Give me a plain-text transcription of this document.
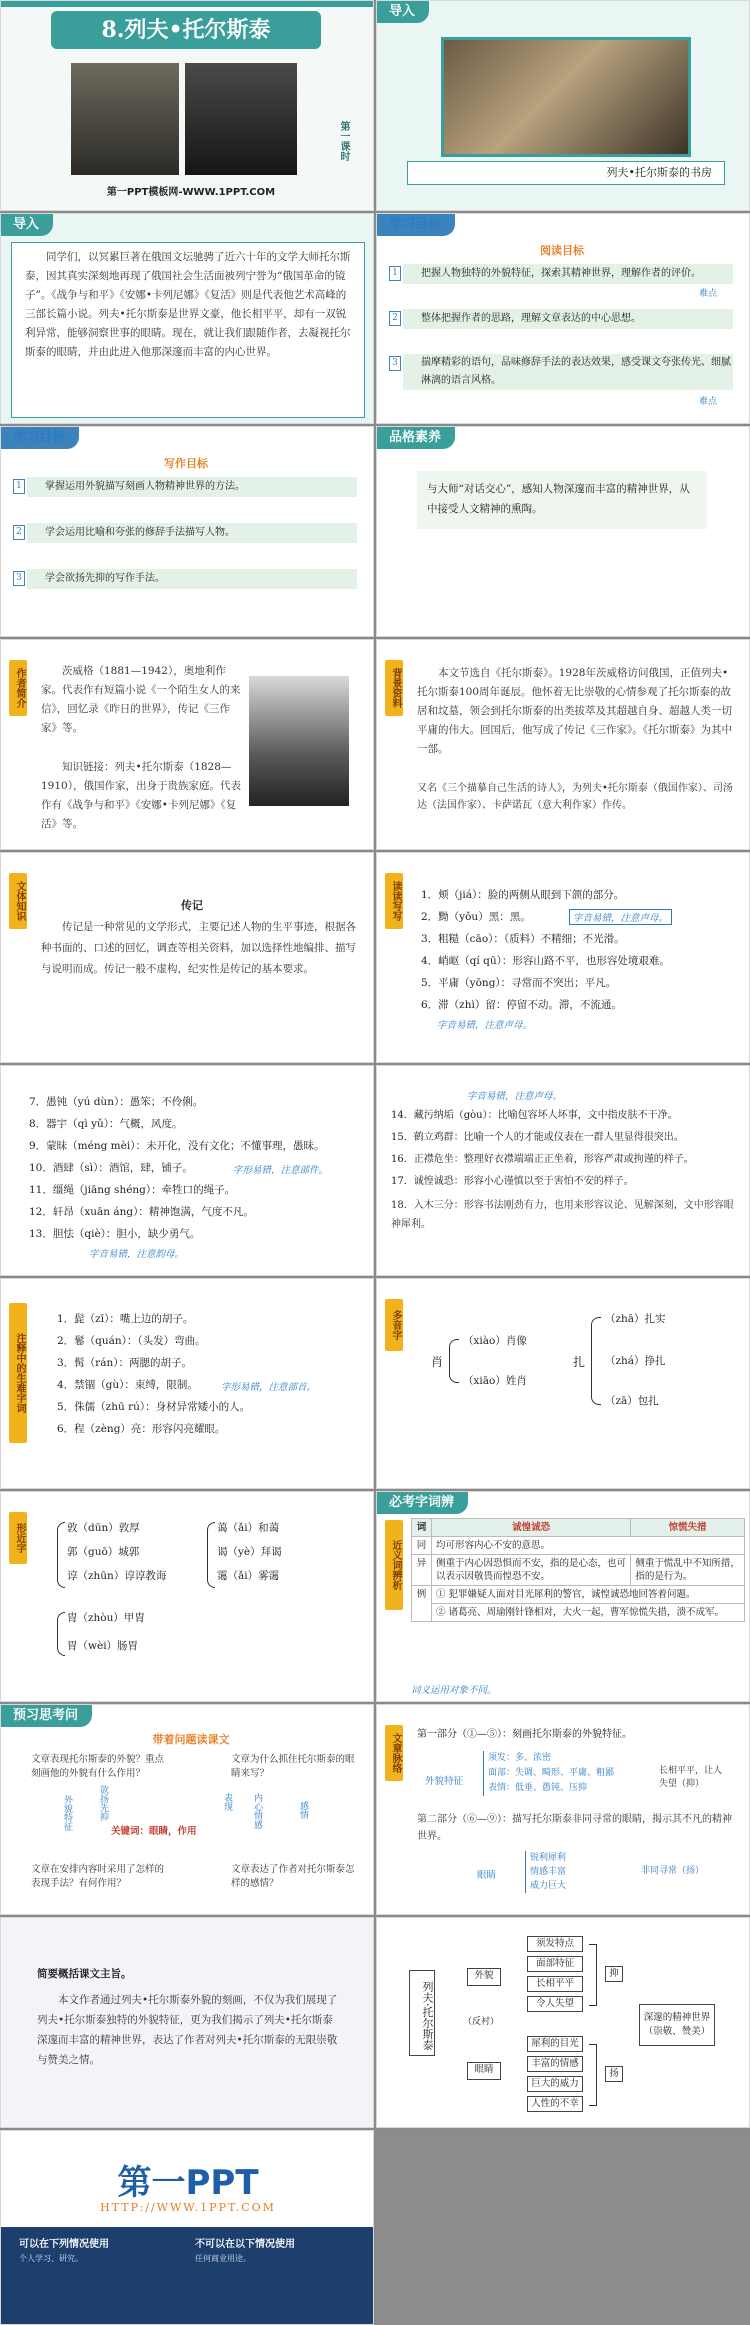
8.列夫•托尔斯泰
第一课时
第一PPT模板网-WWW.1PPT.COM
导入
列夫•托尔斯泰的书房
导入
同学们，以冥累巨著在俄国文坛驰骋了近六十年的文学大师托尔斯泰，因其真实深刻地再现了俄国社会生活面被列宁誉为“俄国革命的镜子”。《战争与和平》《安娜•卡列尼娜》《复活》则是代表他艺术高峰的三部长篇小说。列夫•托尔斯泰是世界文豪，他长相平平，却有一双锐利异常，能够洞察世事的眼睛。现在，就让我们跟随作者，去凝视托尔斯泰的眼睛，并由此进入他那深邃而丰富的内心世界。
学习目标
阅读目标
1	把握人物独特的外貌特征，探索其精神世界，理解作者的评价。
难点
2	整体把握作者的思路，理解文章表达的中心思想。
3	揣摩精彩的语句，品味修辞手法的表达效果，感受课文夸张传光、细腻淋漓的语言风格。
难点
学习目标
写作目标
1	掌握运用外貌描写刻画人物精神世界的方法。
2	学会运用比喻和夸张的修辞手法描写人物。
3	学会欲扬先抑的写作手法。
品格素养
与大师“对话交心”，感知人物深邃而丰富的精神世界，从中接受人文精神的熏陶。
作者简介	茨威格（1881—1942），奥地利作家。代表作有短篇小说《一个陌生女人的来信》，回忆录《昨日的世界》，传记《三作家》等。
知识链接：列夫•托尔斯泰（1828—1910），俄国作家，出身于贵族家庭。代表作有《战争与和平》《安娜•卡列尼娜》《复活》等。
背景资料	本文节选自《托尔斯泰》。1928年茨威格访问俄国，正值列夫•托尔斯泰100周年诞辰。他怀着无比崇敬的心情参观了托尔斯泰的故居和坟墓，领会到托尔斯泰的出类拔萃及其超越自身、超越人类一切平庸的伟大。回国后，他写成了传记《三作家》。《托尔斯泰》为其中一部。
又名《三个描摹自己生活的诗人》，为列夫•托尔斯泰（俄国作家）、司汤达（法国作家）、卡萨诺瓦（意大利作家）作传。
文体知识	传记
传记是一种常见的文学形式，主要记述人物的生平事迹，根据各种书面的、口述的回忆，调查等相关资料，加以选择性地编排、描写与说明而成。传记一般不虚构，纪实性是传记的基本要求。
读读写写 1．颊（jiá）：脸的两侧从眼到下颌的部分。
2．黝（yǒu）黑：黑。	字音易错，注意声母。
3．粗糙（cāo）：（质料）不精细；不光滑。
4．峭岖（qí qū）：形容山路不平，也形容处境艰难。
5．平庸（yōng）：寻常而不突出；平凡。
6．滞（zhì）留：停留不动。滞，不流通。
字音易错，注意声母。
7．愚钝（yú dùn）：愚笨；不伶俐。
8．器宇（qì yǔ）：气概，风度。
9．蒙昧（méng mèi）：未开化，没有文化；不懂事理，愚昧。
10．酒肆（sì）：酒馆，肆，铺子。	字形易错，注意部件。
11．缰绳（jiāng shéng）：牵牲口的绳子。
12．轩昂（xuān áng）：精神饱满，气度不凡。
13．胆怯（qiè）：胆小，缺少勇气。
字音易错，注意韵母。
字音易错，注意声母。
14．藏污纳垢（gòu）：比喻包容坏人坏事，文中指皮肤不干净。
15．鹤立鸡群：比喻一个人的才能或仪表在一群人里显得很突出。
16．正襟危坐：整理好衣襟端端正正坐着，形容严肃或拘谨的样子。
17．诚惶诚恐：形容小心谨慎以至于害怕不安的样子。
18．入木三分：形容书法刚劲有力，也用来形容议论、见解深刻，文中形容眼神犀利。
注释中的生难字词
1．髭（zī）：嘴上边的胡子。
2．鬈（quán）：（头发）弯曲。
3．髯（rán）：两腮的胡子。
4．禁锢（gù）：束缚，限制。 字形易错，注意部首。
5．侏儒（zhū rú）：身材异常矮小的人。
6．程（zèng）亮：形容闪亮耀眼。
多音字
肖
（xiào）肖像
（xiāo）姓肖
扎
（zhā）扎实
（zhá）挣扎
（zā）包扎
形近字	敦（dūn）敦厚
郭（guō）城郭
谆（zhūn）谆谆教诲
蔼（ǎi）和蔼
谒（yè）拜谒
霭（ǎi）雾霭
胄（zhòu）甲胄
胃（wèi）肠胃
必考字词辨
近义词辨析
词	诚惶诚恐	惊慌失措
同	均可形容内心不安的意思。	
异	侧重于内心因恐惧而不安，指的是心态，也可以表示因敬畏而惶恐不安。	侧重于慌乱中不知所措，指的是行为。
例	① 犯罪嫌疑人面对目光犀利的警官，诚惶诚恐地回答着问题。	
	② 诸葛亮、周瑜刚针锋相对，大火一起，曹军惊慌失措，溃不成军。	
词义运用对象不同。
预习思考问
带着问题读课文
文章表现托尔斯泰的外貌？重点刻画他的外貌有什么作用？
文章在安排内容时采用了怎样的表现手法？有何作用？
文章为什么抓住托尔斯泰的眼睛来写？
文章表达了作者对托尔斯泰怎样的感情？
关键词：眼睛，作用
外貌特征	欲扬先抑	表现 内心情感	感情
文章脉络 第一部分（①—⑤）：刻画托尔斯泰的外貌特征。
外貌特征
须发：多、浓密
面部：失调、畸形、平庸、粗鄙
表情：低垂、愚钝、压抑
长相平平，让人失望（抑）
第二部分（⑥—⑨）：描写托尔斯泰非同寻常的眼睛，揭示其不凡的精神世界。
眼睛
锐利犀利
情感丰富
威力巨大
非同寻常（扬）
简要概括课文主旨。
本文作者通过列夫•托尔斯泰外貌的刻画，不仅为我们展现了列夫•托尔斯泰独特的外貌特征，更为我们揭示了列夫•托尔斯泰深邃而丰富的精神世界，表达了作者对列夫•托尔斯泰的无限崇敬与赞美之情。
列夫·托尔斯泰
外貌
（反衬）
眼睛
须发特点
面部特征
长相平平
令人失望
犀利的目光
丰富的情感
巨大的威力
人性的不幸
抑
扬
深邃的精神世界（崇敬、赞美）
第一PPT
HTTP://WWW.1PPT.COM
可以在下列情况使用	不可以在以下情况使用
个人学习、研究。	任何商业用途。
